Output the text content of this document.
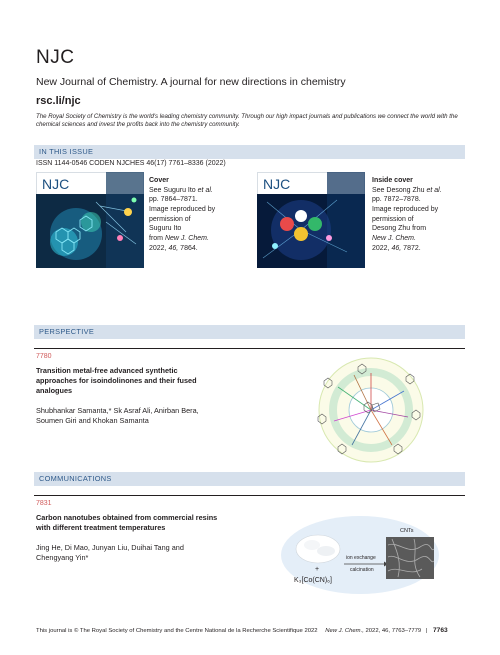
NJC
New Journal of Chemistry. A journal for new directions in chemistry
rsc.li/njc
The Royal Society of Chemistry is the world's leading chemistry community. Through our high impact journals and publications we connect the world with the chemical sciences and invest the profits back into the chemistry community.
IN THIS ISSUE
ISSN 1144-0546 CODEN NJCHES 46(17) 7761–8336 (2022)
NJC	Cover
See Suguru Ito et al.
pp. 7864–7871.
Image reproduced by
permission of
Suguru Ito
from New J. Chem.
2022, 46, 7864.
NJC	Inside cover
See Desong Zhu et al.
pp. 7872–7878.
Image reproduced by
permission of
Desong Zhu from
New J. Chem.
2022, 46, 7872.
PERSPECTIVE
7780
Transition metal-free advanced synthetic
approaches for isoindolinones and their fused
analogues
Shubhankar Samanta,* Sk Asraf Ali, Anirban Bera,
Soumen Giri and Khokan Samanta
COMMUNICATIONS
7831
Carbon nanotubes obtained from commercial resins
with different treatment temperatures
Jing He, Di Mao, Junyan Liu, Duihai Tang and
Chengyang Yin*
+
K₃[Co(CN)₆]
ion exchange
calcination
CNTs
This journal is © The Royal Society of Chemistry and the Centre National de la Recherche Scientifique 2022 New J. Chem., 2022, 46, 7763–7779 | 7763
